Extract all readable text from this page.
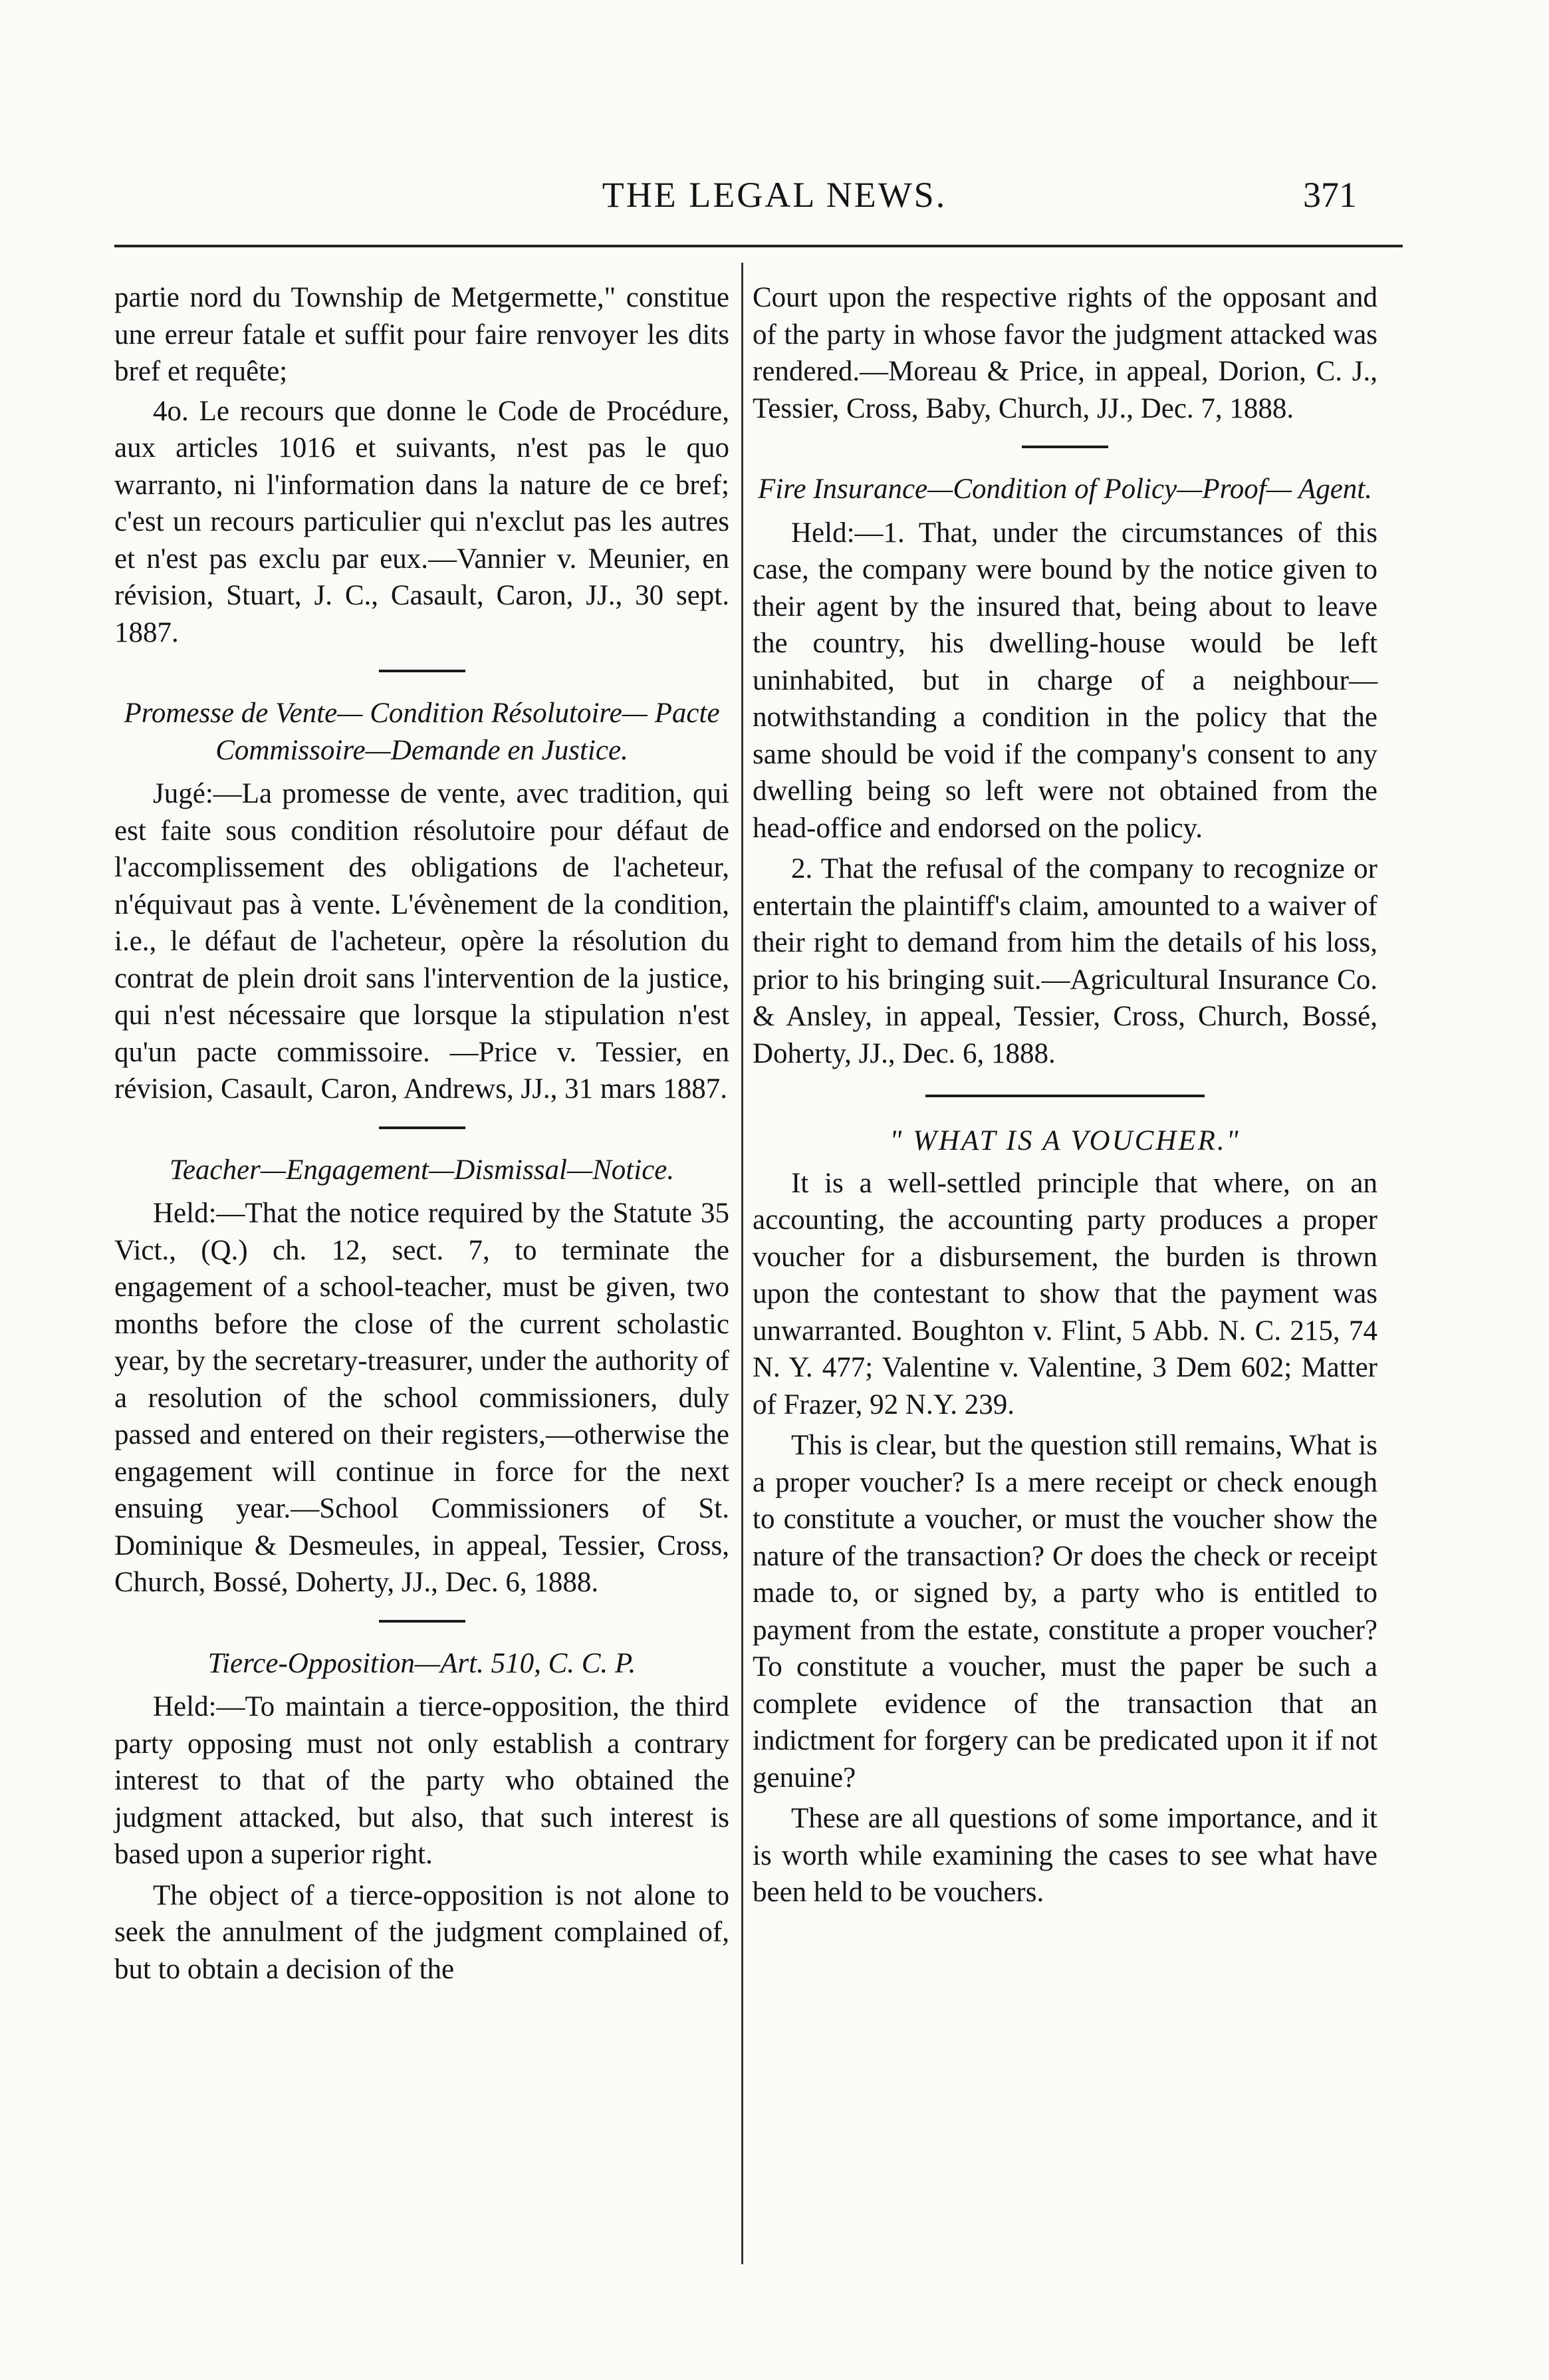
THE LEGAL NEWS.	371

partie nord du Township de Metgermette," constitue une erreur fatale et suffit pour faire renvoyer les dits bref et requête;

4o. Le recours que donne le Code de Procédure, aux articles 1016 et suivants, n'est pas le quo warranto, ni l'information dans la nature de ce bref; c'est un recours particulier qui n'exclut pas les autres et n'est pas exclu par eux.—Vannier v. Meunier, en révision, Stuart, J. C., Casault, Caron, JJ., 30 sept. 1887.

Promesse de Vente— Condition Résolutoire— Pacte Commissoire—Demande en Justice.

Jugé:—La promesse de vente, avec tradition, qui est faite sous condition résolutoire pour défaut de l'accomplissement des obligations de l'acheteur, n'équivaut pas à vente. L'évènement de la condition, i.e., le défaut de l'acheteur, opère la résolution du contrat de plein droit sans l'intervention de la justice, qui n'est nécessaire que lorsque la stipulation n'est qu'un pacte commissoire. —Price v. Tessier, en révision, Casault, Caron, Andrews, JJ., 31 mars 1887.

Teacher—Engagement—Dismissal—Notice.

Held:—That the notice required by the Statute 35 Vict., (Q.) ch. 12, sect. 7, to terminate the engagement of a school-teacher, must be given, two months before the close of the current scholastic year, by the secretary-treasurer, under the authority of a resolution of the school commissioners, duly passed and entered on their registers,—otherwise the engagement will continue in force for the next ensuing year.—School Commissioners of St. Dominique & Desmeules, in appeal, Tessier, Cross, Church, Bossé, Doherty, JJ., Dec. 6, 1888.

Tierce-Opposition—Art. 510, C. C. P.

Held:—To maintain a tierce-opposition, the third party opposing must not only establish a contrary interest to that of the party who obtained the judgment attacked, but also, that such interest is based upon a superior right.

The object of a tierce-opposition is not alone to seek the annulment of the judgment complained of, but to obtain a decision of the

Court upon the respective rights of the opposant and of the party in whose favor the judgment attacked was rendered.—Moreau & Price, in appeal, Dorion, C. J., Tessier, Cross, Baby, Church, JJ., Dec. 7, 1888.

Fire Insurance—Condition of Policy—Proof— Agent.

Held:—1. That, under the circumstances of this case, the company were bound by the notice given to their agent by the insured that, being about to leave the country, his dwelling-house would be left uninhabited, but in charge of a neighbour—notwithstanding a condition in the policy that the same should be void if the company's consent to any dwelling being so left were not obtained from the head-office and endorsed on the policy.

2. That the refusal of the company to recognize or entertain the plaintiff's claim, amounted to a waiver of their right to demand from him the details of his loss, prior to his bringing suit.—Agricultural Insurance Co. & Ansley, in appeal, Tessier, Cross, Church, Bossé, Doherty, JJ., Dec. 6, 1888.

" WHAT IS A VOUCHER."

It is a well-settled principle that where, on an accounting, the accounting party produces a proper voucher for a disbursement, the burden is thrown upon the contestant to show that the payment was unwarranted. Boughton v. Flint, 5 Abb. N. C. 215, 74 N. Y. 477; Valentine v. Valentine, 3 Dem 602; Matter of Frazer, 92 N.Y. 239.

This is clear, but the question still remains, What is a proper voucher? Is a mere receipt or check enough to constitute a voucher, or must the voucher show the nature of the transaction? Or does the check or receipt made to, or signed by, a party who is entitled to payment from the estate, constitute a proper voucher? To constitute a voucher, must the paper be such a complete evidence of the transaction that an indictment for forgery can be predicated upon it if not genuine?

These are all questions of some importance, and it is worth while examining the cases to see what have been held to be vouchers.
